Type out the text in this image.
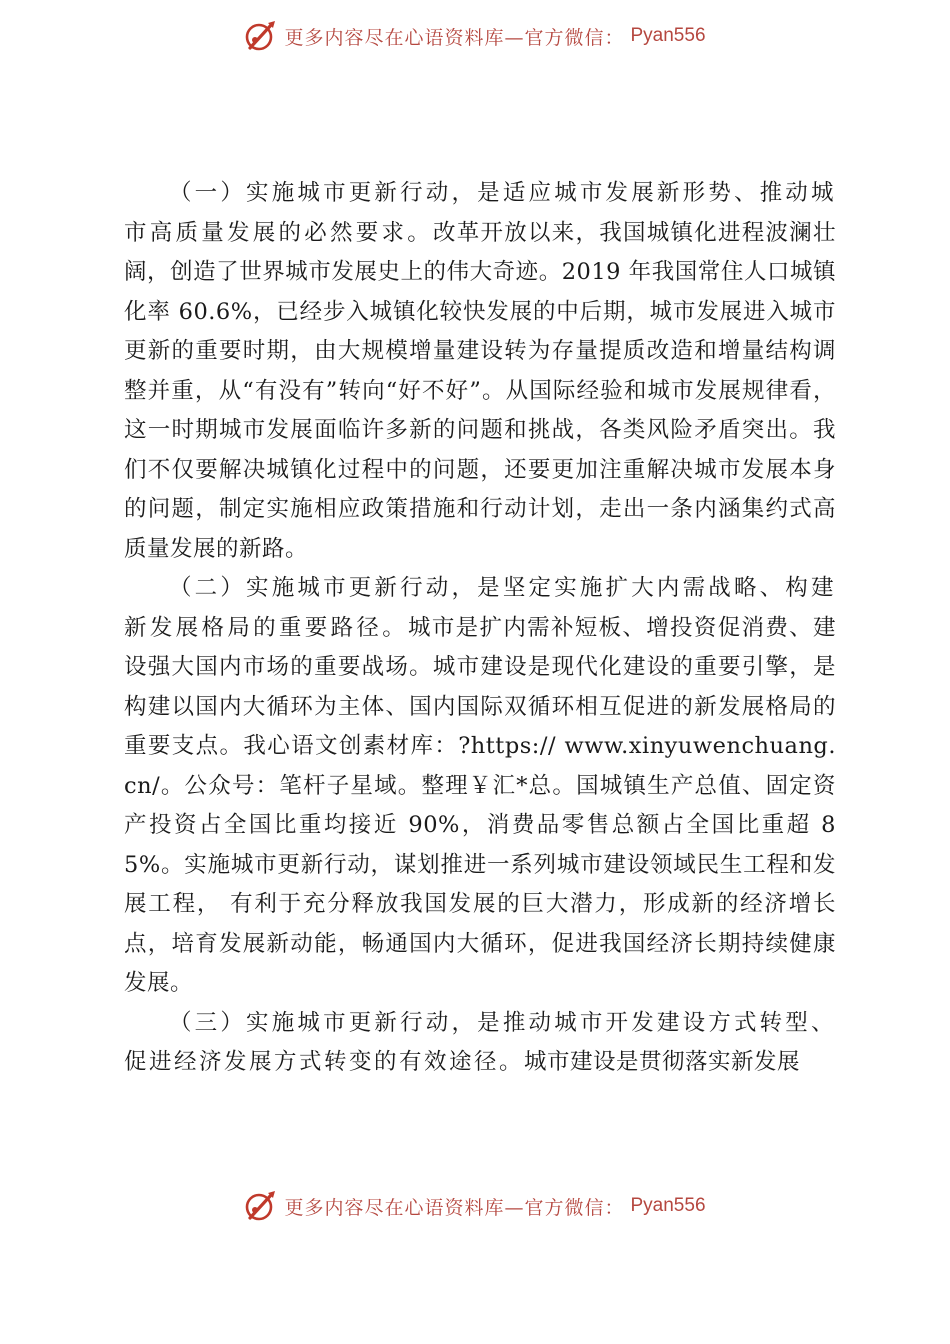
更多内容尽在心语资料库—官方微信： Pyan556

（一）实施城市更新行动，是适应城市发展新形势、推动城市高质量发展的必然要求。改革开放以来，我国城镇化进程波澜壮阔，创造了世界城市发展史上的伟大奇迹。2019 年我国常住人口城镇化率 60.6%，已经步入城镇化较快发展的中后期，城市发展进入城市更新的重要时期，由大规模增量建设转为存量提质改造和增量结构调整并重，从“有没有”转向“好不好”。从国际经验和城市发展规律看，这一时期城市发展面临许多新的问题和挑战，各类风险矛盾突出。我们不仅要解决城镇化过程中的问题，还要更加注重解决城市发展本身的问题，制定实施相应政策措施和行动计划，走出一条内涵集约式高质量发展的新路。

（二）实施城市更新行动，是坚定实施扩大内需战略、构建新发展格局的重要路径。城市是扩内需补短板、增投资促消费、建设强大国内市场的重要战场。城市建设是现代化建设的重要引擎，是构建以国内大循环为主体、国内国际双循环相互促进的新发展格局的重要支点。我心语文创素材库：?https:// www.xinyuwenchuang.cn/。公众号：笔杆子星域。整理￥汇*总。国城镇生产总值、固定资产投资占全国比重均接近 90%，消费品零售总额占全国比重超 85%。实施城市更新行动，谋划推进一系列城市建设领域民生工程和发展工程， 有利于充分释放我国发展的巨大潜力，形成新的经济增长点，培育发展新动能，畅通国内大循环，促进我国经济长期持续健康发展。

（三）实施城市更新行动，是推动城市开发建设方式转型、促进经济发展方式转变的有效途径。城市建设是贯彻落实新发展

更多内容尽在心语资料库—官方微信： Pyan556
